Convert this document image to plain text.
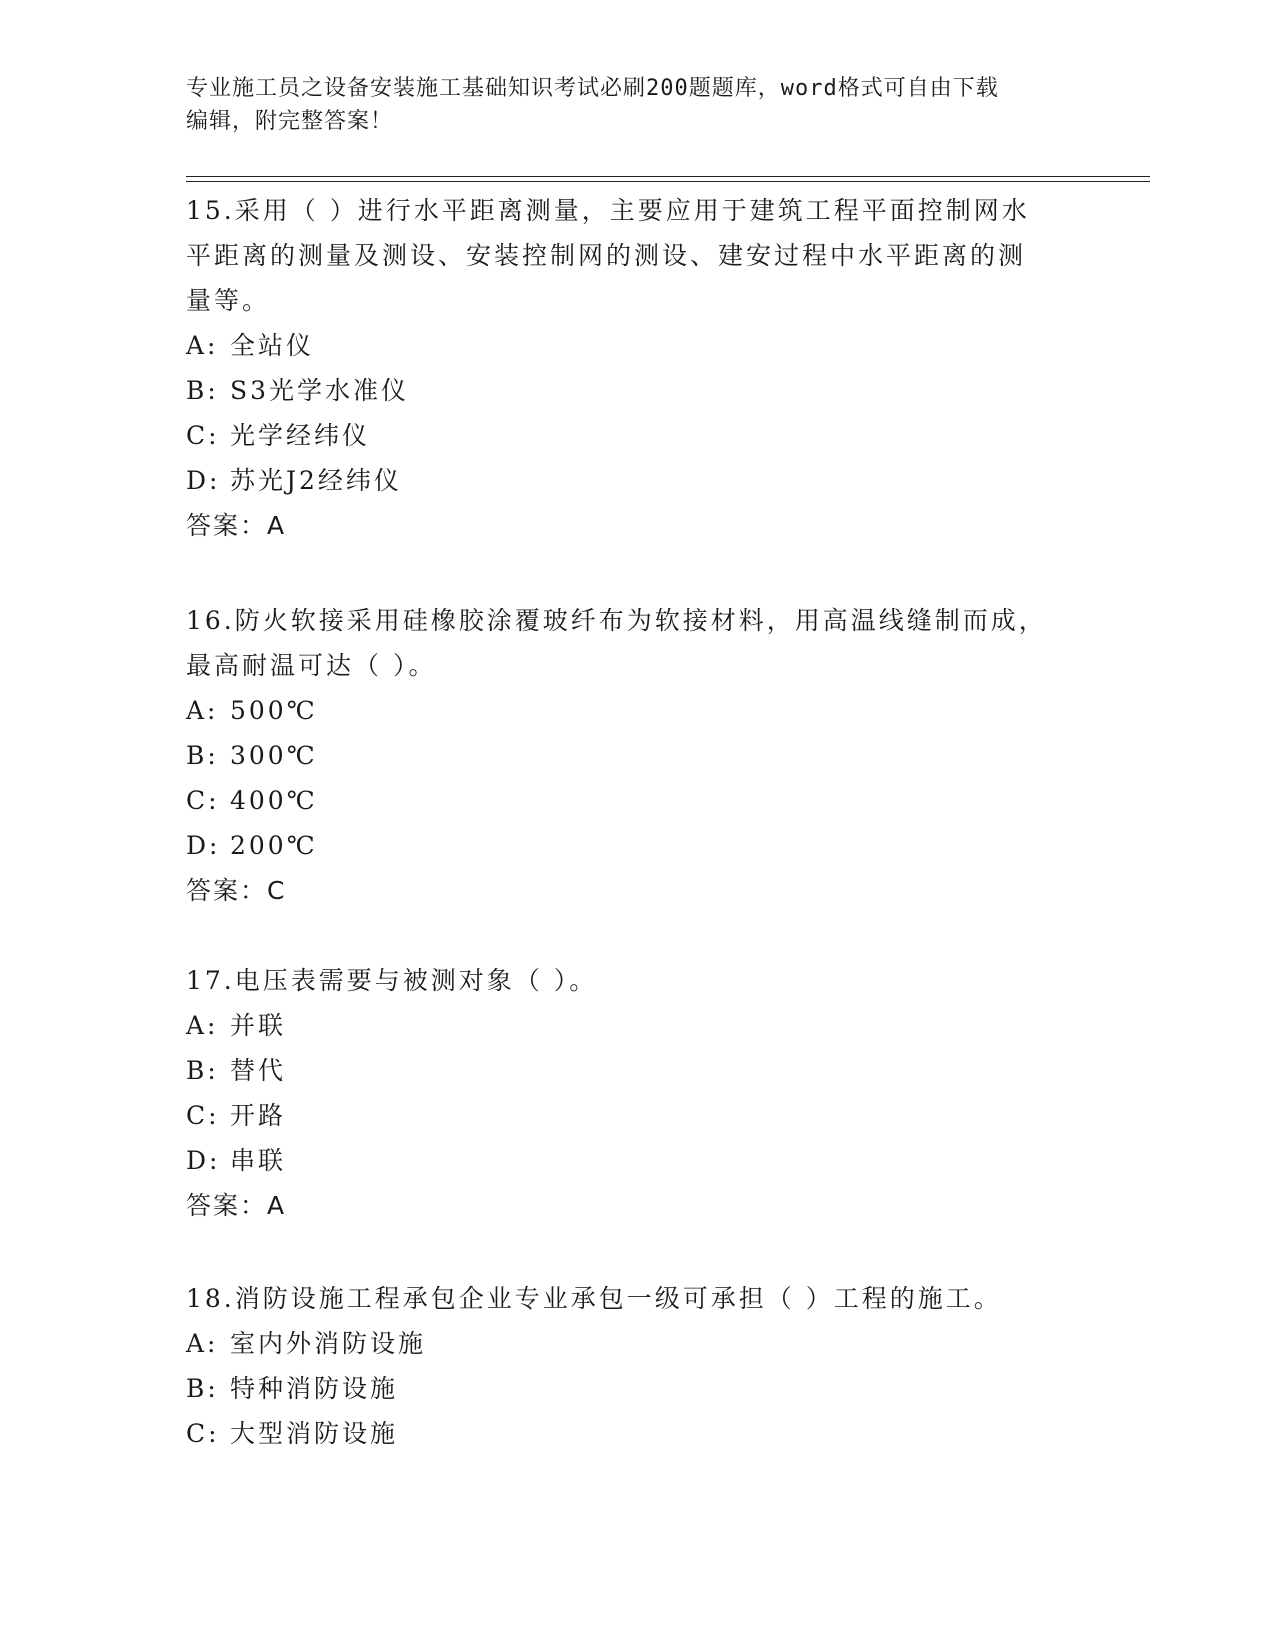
专业施工员之设备安装施工基础知识考试必刷200题题库，word格式可自由下载
编辑，附完整答案！

15.采用（ ）进行水平距离测量，主要应用于建筑工程平面控制网水

平距离的测量及测设、安装控制网的测设、建安过程中水平距离的测

量等。

A: 全站仪

B: S3光学水准仪

C: 光学经纬仪

D: 苏光J2经纬仪

答案：A

16.防火软接采用硅橡胶涂覆玻纤布为软接材料，用高温线缝制而成，

最高耐温可达（ ）。

A: 500℃

B: 300℃

C: 400℃

D: 200℃

答案：C

17.电压表需要与被测对象（ ）。

A: 并联

B: 替代

C: 开路

D: 串联

答案：A

18.消防设施工程承包企业专业承包一级可承担（ ）工程的施工。

A: 室内外消防设施

B: 特种消防设施

C: 大型消防设施
